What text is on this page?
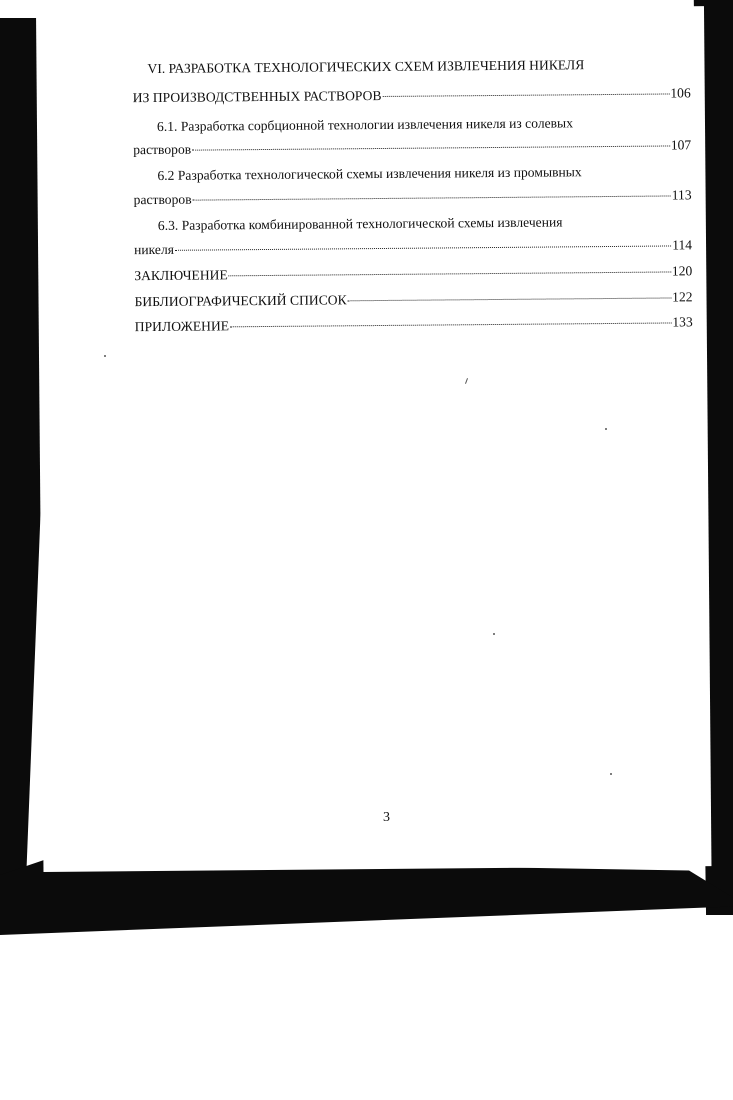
VI. РАЗРАБОТКА ТЕХНОЛОГИЧЕСКИХ СХЕМ ИЗВЛЕЧЕНИЯ НИКЕЛЯ
ИЗ ПРОИЗВОДСТВЕННЫХ РАСТВОРОВ	106
6.1. Разработка сорбционной технологии извлечения никеля из солевых
растворов	107
6.2 Разработка технологической схемы извлечения никеля из промывных
растворов	113
6.3. Разработка комбинированной технологической схемы извлечения
никеля	114
ЗАКЛЮЧЕНИЕ	120
БИБЛИОГРАФИЧЕСКИЙ СПИСОК	122
ПРИЛОЖЕНИЕ	133
3
